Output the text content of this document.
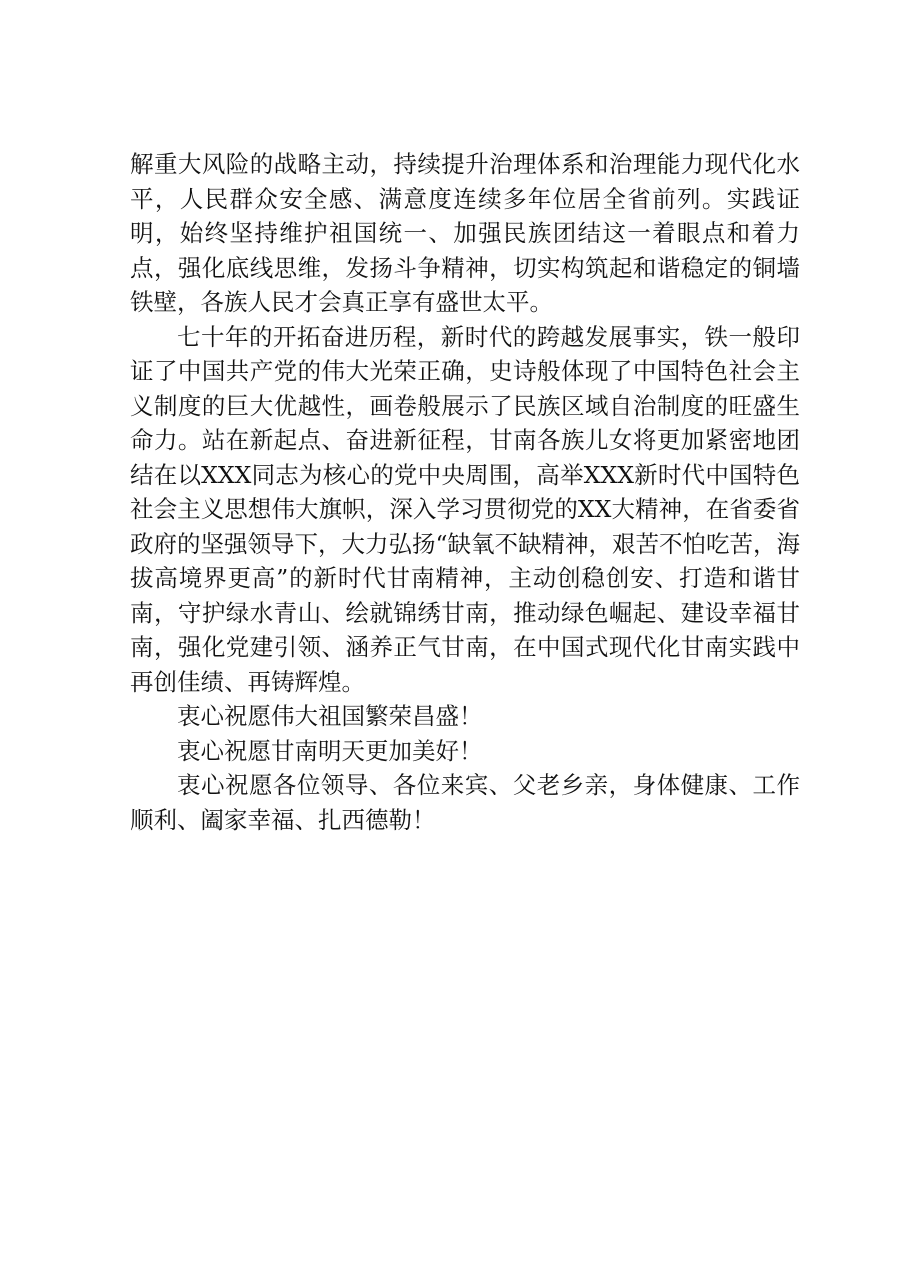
解重大风险的战略主动，持续提升治理体系和治理能力现代化水平，人民群众安全感、满意度连续多年位居全省前列。实践证明，始终坚持维护祖国统一、加强民族团结这一着眼点和着力点，强化底线思维，发扬斗争精神，切实构筑起和谐稳定的铜墙铁壁，各族人民才会真正享有盛世太平。

七十年的开拓奋进历程，新时代的跨越发展事实，铁一般印证了中国共产党的伟大光荣正确，史诗般体现了中国特色社会主义制度的巨大优越性，画卷般展示了民族区域自治制度的旺盛生命力。站在新起点、奋进新征程，甘南各族儿女将更加紧密地团结在以XXX同志为核心的党中央周围，高举XXX新时代中国特色社会主义思想伟大旗帜，深入学习贯彻党的XX大精神，在省委省政府的坚强领导下，大力弘扬“缺氧不缺精神，艰苦不怕吃苦，海拔高境界更高”的新时代甘南精神，主动创稳创安、打造和谐甘南，守护绿水青山、绘就锦绣甘南，推动绿色崛起、建设幸福甘南，强化党建引领、涵养正气甘南，在中国式现代化甘南实践中再创佳绩、再铸辉煌。

衷心祝愿伟大祖国繁荣昌盛！

衷心祝愿甘南明天更加美好！

衷心祝愿各位领导、各位来宾、父老乡亲，身体健康、工作顺利、阖家幸福、扎西德勒！
